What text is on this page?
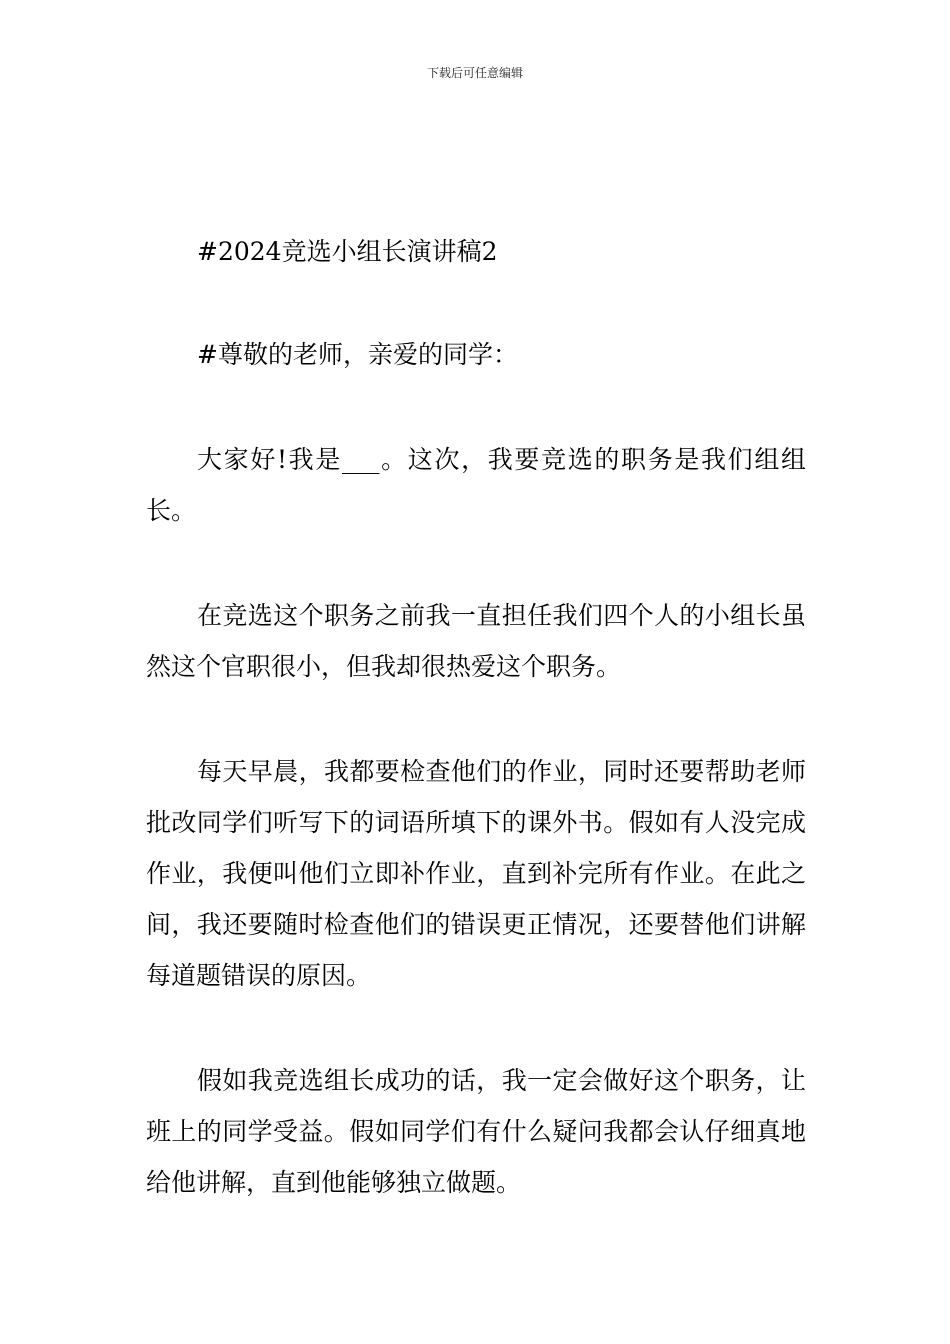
下载后可任意编辑

#2024竞选小组长演讲稿2

#尊敬的老师，亲爱的同学：

大家好!我是___。这次，我要竞选的职务是我们组组长。

在竞选这个职务之前我一直担任我们四个人的小组长虽然这个官职很小，但我却很热爱这个职务。

每天早晨，我都要检查他们的作业，同时还要帮助老师批改同学们听写下的词语所填下的课外书。假如有人没完成作业，我便叫他们立即补作业，直到补完所有作业。在此之间，我还要随时检查他们的错误更正情况，还要替他们讲解每道题错误的原因。

假如我竞选组长成功的话，我一定会做好这个职务，让班上的同学受益。假如同学们有什么疑问我都会认仔细真地给他讲解，直到他能够独立做题。
